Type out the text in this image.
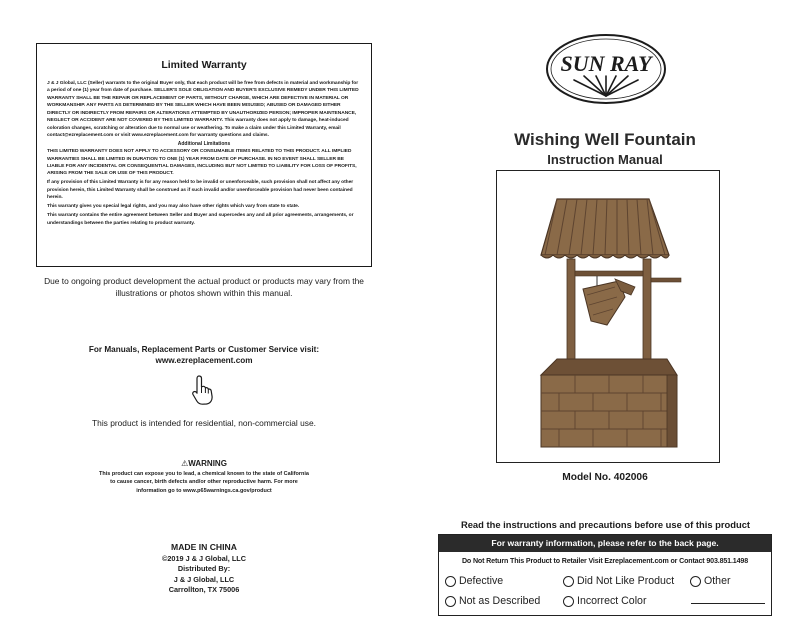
Limited Warranty

J & J Global, LLC (Seller) warrants to the original Buyer only, that each product will be free from defects in material and workmanship for a period of one (1) year from date of purchase. SELLER'S SOLE OBLIGATION AND BUYER'S EXCLUSIVE REMEDY UNDER THIS LIMITED WARRANTY SHALL BE THE REPAIR OR REPLACEMENT OF PARTS, WITHOUT CHARGE, WHICH ARE DEFECTIVE IN MATERIAL OR WORKMANSHIP. ANY PARTS AS DETERMINED BY THE SELLER WHICH HAVE BEEN MISUSED; ABUSED OR DAMAGED EITHER DIRECTLY OR INDIRECTLY FROM REPAIRS OR ALTERATIONS ATTEMPTED BY UNAUTHORIZED PERSON; IMPROPER MAINTENANCE, NEGLECT OR ACCIDENT ARE NOT COVERED BY THIS LIMITED WARRANTY. This warranty does not apply to damage, heat-induced coloration changes, scratching or alteration due to normal use or weathering. To make a claim under this Limited Warranty, email contact@ezreplacement.com or visit www.ezreplacement.com for warranty questions and claims.

Additional Limitations

THIS LIMITED WARRANTY DOES NOT APPLY TO ACCESSORY OR CONSUMABLE ITEMS RELATED TO THIS PRODUCT. ALL IMPLIED WARRANTIES SHALL BE LIMITED IN DURATION TO ONE (1) YEAR FROM DATE OF PURCHASE. IN NO EVENT SHALL SELLER BE LIABLE FOR ANY INCIDENTAL OR CONSEQUENTIAL DAMAGES, INCLUDING BUT NOT LIMITED TO LIABILITY FOR LOSS OF PROFITS, ARISING FROM THE SALE OR USE OF THIS PRODUCT.

If any provision of this Limited Warranty is for any reason held to be invalid or unenforceable, such provision shall not affect any other provision herein, this Limited Warranty shall be construed as if such invalid and/or unenforceable provision had never been contained herein.

This warranty gives you special legal rights, and you may also have other rights which vary from state to state.

This warranty contains the entire agreement between Seller and Buyer and supercedes any and all prior agreements, arrangements, or understandings between the parties relating to product warranty.

Due to ongoing product development the actual product or products may vary from the illustrations or photos shown within this manual.
For Manuals, Replacement Parts or Customer Service visit:
www.ezreplacement.com
This product is intended for residential, non-commercial use.
⚠WARNING
This product can expose you to lead, a chemical known to the state of California to cause cancer, birth defects and/or other reproductive harm. For more information go to www.p65warnings.ca.gov/product
MADE IN CHINA
©2019 J & J Global, LLC
Distributed By:
J & J Global, LLC
Carrollton, TX 75006
SUN RAY
Wishing Well Fountain
Instruction Manual
Model No. 402006
Read the instructions and precautions before use of this product
For warranty information, please refer to the back page.
Do Not Return This Product to Retailer Visit Ezreplacement.com or Contact 903.851.1498
Defective	Did Not Like Product	Other
Not as Described	Incorrect Color
